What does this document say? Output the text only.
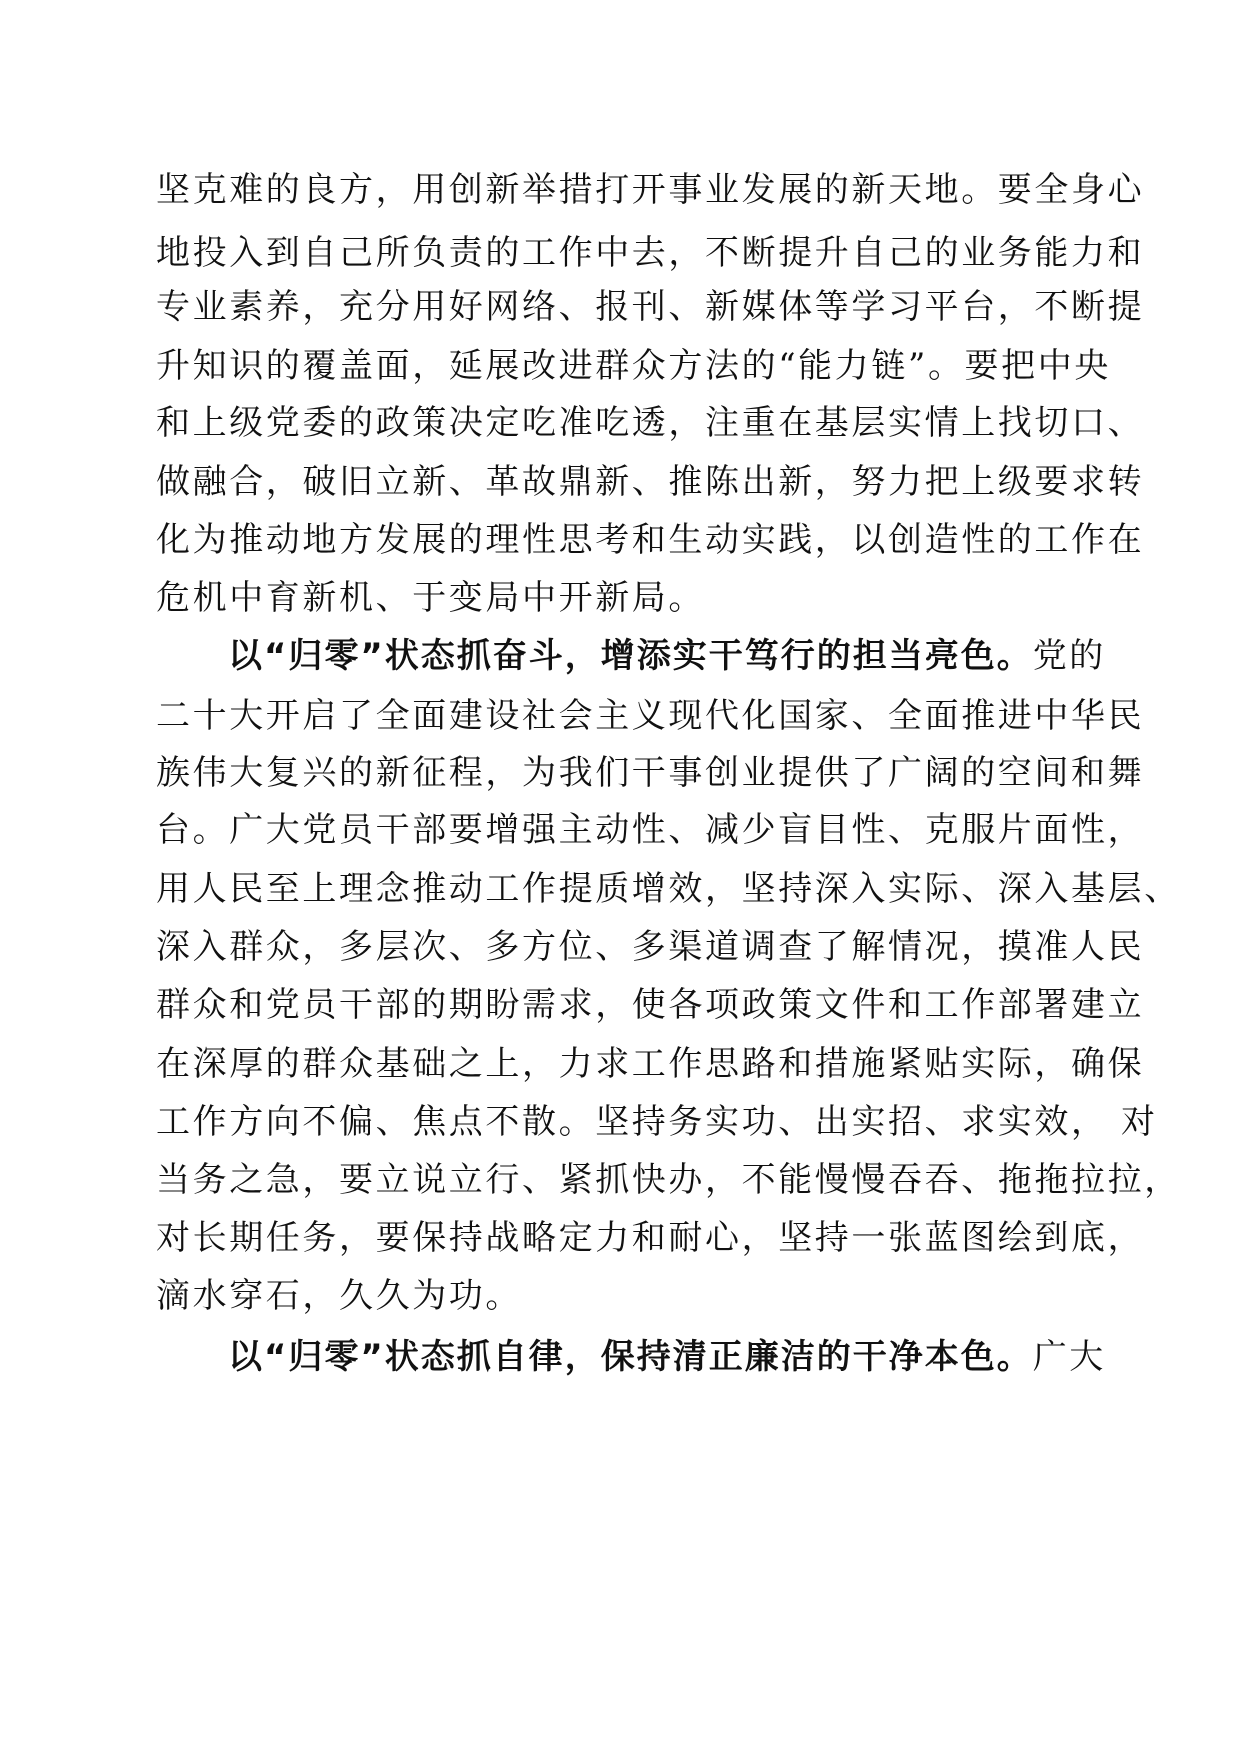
坚克难的良方，用创新举措打开事业发展的新天地。要全身心
地投入到自己所负责的工作中去，不断提升自己的业务能力和
专业素养，充分用好网络、报刊、新媒体等学习平台，不断提
升知识的覆盖面，延展改进群众方法的“能力链”。要把中央
和上级党委的政策决定吃准吃透，注重在基层实情上找切口、
做融合，破旧立新、革故鼎新、推陈出新，努力把上级要求转
化为推动地方发展的理性思考和生动实践，以创造性的工作在
危机中育新机、于变局中开新局。
以“归零”状态抓奋斗，增添实干笃行的担当亮色。党的
二十大开启了全面建设社会主义现代化国家、全面推进中华民
族伟大复兴的新征程，为我们干事创业提供了广阔的空间和舞
台。广大党员干部要增强主动性、减少盲目性、克服片面性，
用人民至上理念推动工作提质增效，坚持深入实际、深入基层、
深入群众，多层次、多方位、多渠道调查了解情况，摸准人民
群众和党员干部的期盼需求，使各项政策文件和工作部署建立
在深厚的群众基础之上，力求工作思路和措施紧贴实际，确保
工作方向不偏、焦点不散。坚持务实功、出实招、求实效， 对
当务之急，要立说立行、紧抓快办，不能慢慢吞吞、拖拖拉拉，
对长期任务，要保持战略定力和耐心，坚持一张蓝图绘到底，
滴水穿石，久久为功。
以“归零”状态抓自律，保持清正廉洁的干净本色。广大
